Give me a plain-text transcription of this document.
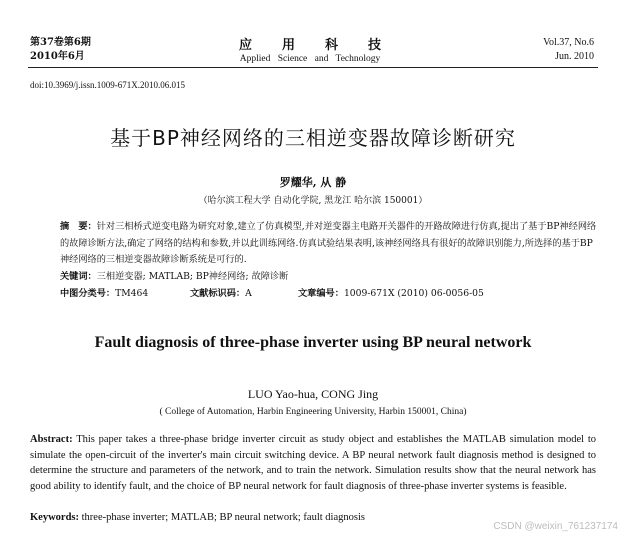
第37卷第6期
2010年6月
应用科技
Applied Science and Technology
Vol.37, No.6
Jun. 2010
doi:10.3969/j.issn.1009-671X.2010.06.015
基于BP神经网络的三相逆变器故障诊断研究
罗耀华, 从 静
（哈尔滨工程大学 自动化学院, 黑龙江 哈尔滨 150001）
摘　要：针对三相桥式逆变电路为研究对象,建立了仿真模型,并对逆变器主电路开关器件的开路故障进行仿真,提出了基于BP神经网络的故障诊断方法,确定了网络的结构和参数,并以此训练网络.仿真试验结果表明,该神经网络具有很好的故障识别能力,所选择的基于BP神经网络的三相逆变器故障诊断系统是可行的.
关键词：三相逆变器; MATLAB; BP神经网络; 故障诊断
中图分类号：TM464	文献标识码：A	文章编号：1009-671X (2010) 06-0056-05
Fault diagnosis of three-phase inverter using BP neural network
LUO Yao-hua, CONG Jing
( College of Automation, Harbin Engineering University, Harbin 150001, China)
Abstract: This paper takes a three-phase bridge inverter circuit as study object and establishes the MATLAB simulation model to simulate the open-circuit of the inverter's main circuit switching device. A BP neural network fault diagnosis method is designed to determine the structure and parameters of the network, and to train the network. Simulation results show that the neural network has good ability to identify fault, and the choice of BP neural network for fault diagnosis of three-phase inverter systems is feasible.
Keywords: three-phase inverter; MATLAB; BP neural network; fault diagnosis
CSDN @weixin_761237174
